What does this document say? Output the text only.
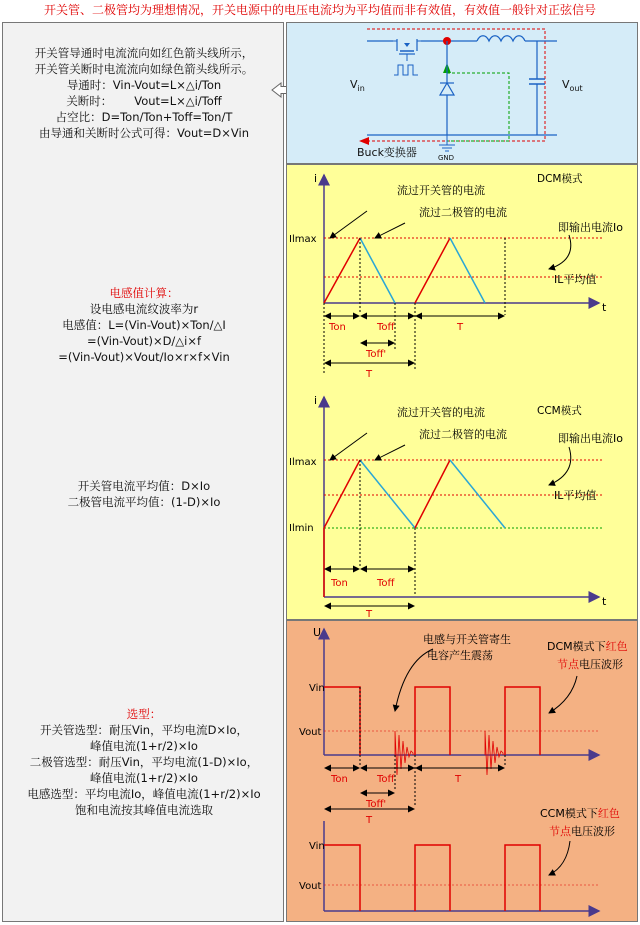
开关管、二极管均为理想情况，开关电源中的电压电流均为平均值而非有效值，有效值一般针对正弦信号
开关管导通时电流流向如红色箭头线所示，
开关管关断时电流流向如绿色箭头线所示。
导通时：Vin-Vout=L×△i/Ton
关断时：      Vout=L×△i/Toff
占空比：D=Ton/Ton+Toff=Ton/T
由导通和关断时公式可得：Vout=D×Vin
电感值计算：
设电感电流纹波率为r
电感值：L=(Vin-Vout)×Ton/△I
=(Vin-Vout)×D/△i×f
=(Vin-Vout)×Vout/Io×r×f×Vin
开关管电流平均值：D×Io
二极管电流平均值：(1-D)×Io
选型：
开关管选型：耐压Vin，平均电流D×Io，
峰值电流(1+r/2)×Io
二极管选型：耐压Vin，平均电流(1-D)×Io，
峰值电流(1+r/2)×Io
电感选型：平均电流Io，峰值电流(1+r/2)×Io
饱和电流按其峰值电流选取
$V_{in}$	$V_{out}$
Buck变换器	GND
i
t
DCM模式
Ilmax
流过开关管的电流
流过二极管的电流
即输出电流Io
IL平均值
Ton	Toff	T
Toff'
T
i
t
CCM模式
Ilmax
Ilmin
流过开关管的电流
流过二极管的电流	即输出电流Io
IL平均值
Ton	Toff
T
U
Vin
Vout
电感与开关管寄生
电容产生震荡
DCM模式下红色
节点电压波形
Ton	Toff	T
Toff'
T
Vin
Vout
CCM模式下红色
节点电压波形
